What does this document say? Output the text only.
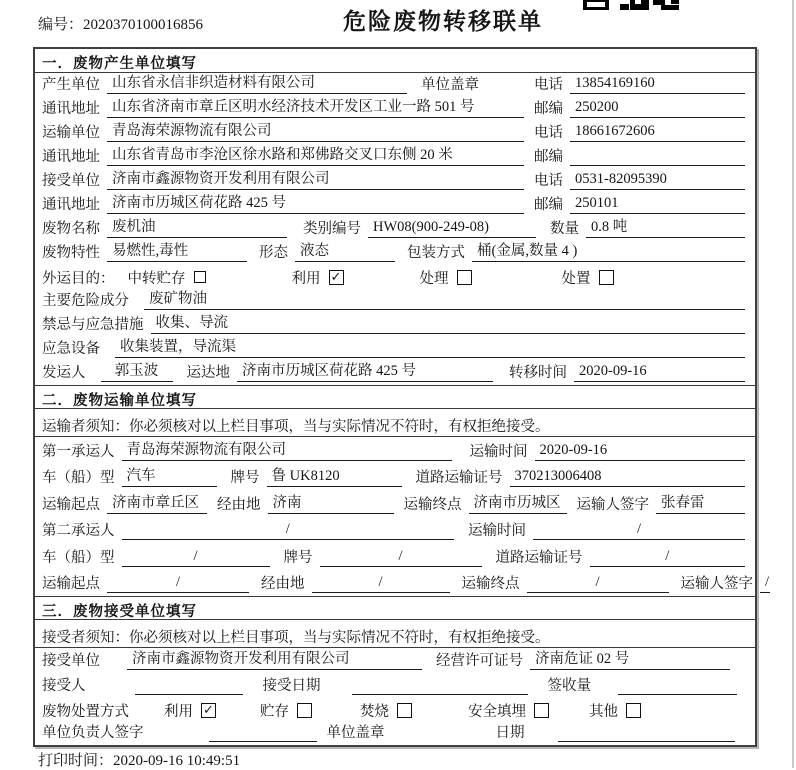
编号：2020370100016856	危险废物转移联单
一．废物产生单位填写
产生单位 山东省永信非织造材料有限公司	单位盖章	电话 13854169160
通讯地址 山东省济南市章丘区明水经济技术开发区工业一路 501 号	邮编 250200
运输单位 青岛海荣源物流有限公司	电话 18661672606
通讯地址 山东省青岛市李沧区徐水路和郑佛路交叉口东侧 20 米	邮编
接受单位 济南市鑫源物资开发利用有限公司	电话 0531-82095390
通讯地址 济南市历城区荷花路 425 号	邮编 250101
废物名称 废机油	类别编号 HW08(900-249-08)	数量 0.8 吨
废物特性 易燃性,毒性	形态 液态	包装方式 桶(金属,数量 4 )
外运目的： 中转贮存	利用 ✓	处理	处置
主要危险成分	废矿物油
禁忌与应急措施 收集、导流
应急设备	收集装置，导流渠
发运人	郭玉波	运达地 济南市历城区荷花路 425 号	转移时间 2020-09-16
二．废物运输单位填写
运输者须知：你必须核对以上栏目事项，当与实际情况不符时，有权拒绝接受。
第一承运人 青岛海荣源物流有限公司	运输时间 2020-09-16
车（船）型 汽车	牌号 鲁 UK8120	道路运输证号 370213006408
运输起点 济南市章丘区	经由地 济南	运输终点 济南市历城区	运输人签字 张春雷
第二承运人	/	运输时间	/
车（船）型	/	牌号	/	道路运输证号	/
运输起点	/	经由地	/	运输终点	/	运输人签字 /
三．废物接受单位填写
接受者须知：你必须核对以上栏目事项，当与实际情况不符时，有权拒绝接受。
接受单位	济南市鑫源物资开发利用有限公司	经营许可证号 济南危证 02 号
接受人	接受日期	签收量
废物处置方式 利用 ✓	贮存	焚烧	安全填埋	其他
单位负责人签字	单位盖章	日期
打印时间：2020-09-16 10:49:51
